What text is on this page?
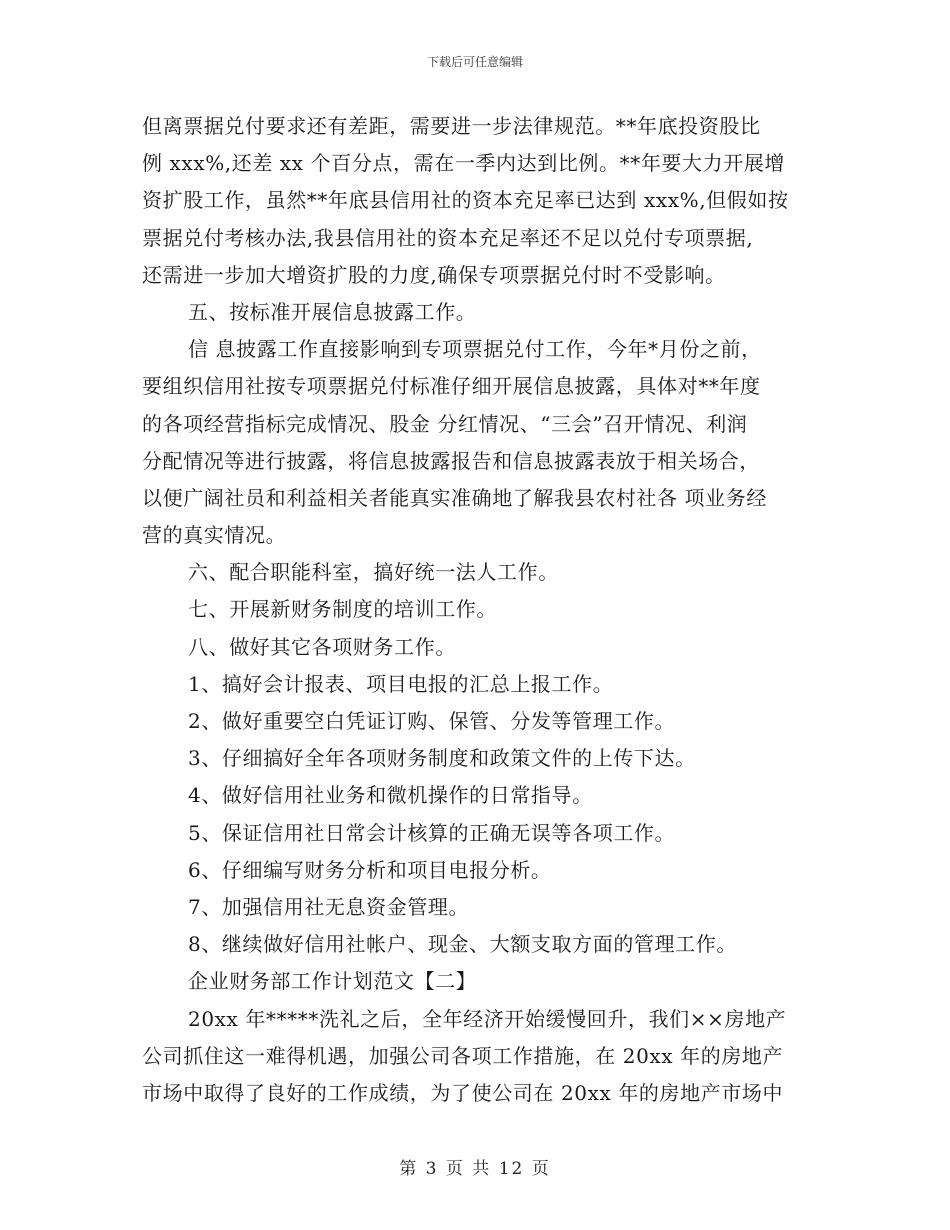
下载后可任意编辑
但离票据兑付要求还有差距，需要进一步法律规范。**年底投资股比
例 xxx%,还差 xx 个百分点，需在一季内达到比例。**年要大力开展增
资扩股工作，虽然**年底县信用社的资本充足率已达到 xxx%,但假如按
票据兑付考核办法,我县信用社的资本充足率还不足以兑付专项票据,
还需进一步加大增资扩股的力度,确保专项票据兑付时不受影响。
五、按标准开展信息披露工作。
信 息披露工作直接影响到专项票据兑付工作，今年*月份之前，
要组织信用社按专项票据兑付标准仔细开展信息披露，具体对**年度
的各项经营指标完成情况、股金 分红情况、“三会”召开情况、利润
分配情况等进行披露，将信息披露报告和信息披露表放于相关场合，
以便广阔社员和利益相关者能真实准确地了解我县农村社各 项业务经
营的真实情况。
六、配合职能科室，搞好统一法人工作。
七、开展新财务制度的培训工作。
八、做好其它各项财务工作。
1、搞好会计报表、项目电报的汇总上报工作。
2、做好重要空白凭证订购、保管、分发等管理工作。
3、仔细搞好全年各项财务制度和政策文件的上传下达。
4、做好信用社业务和微机操作的日常指导。
5、保证信用社日常会计核算的正确无误等各项工作。
6、仔细编写财务分析和项目电报分析。
7、加强信用社无息资金管理。
8、继续做好信用社帐户、现金、大额支取方面的管理工作。
企业财务部工作计划范文【二】
20xx 年*****洗礼之后，全年经济开始缓慢回升，我们××房地产
公司抓住这一难得机遇，加强公司各项工作措施，在 20xx 年的房地产
市场中取得了良好的工作成绩，为了使公司在 20xx 年的房地产市场中
第 3 页 共 12 页
